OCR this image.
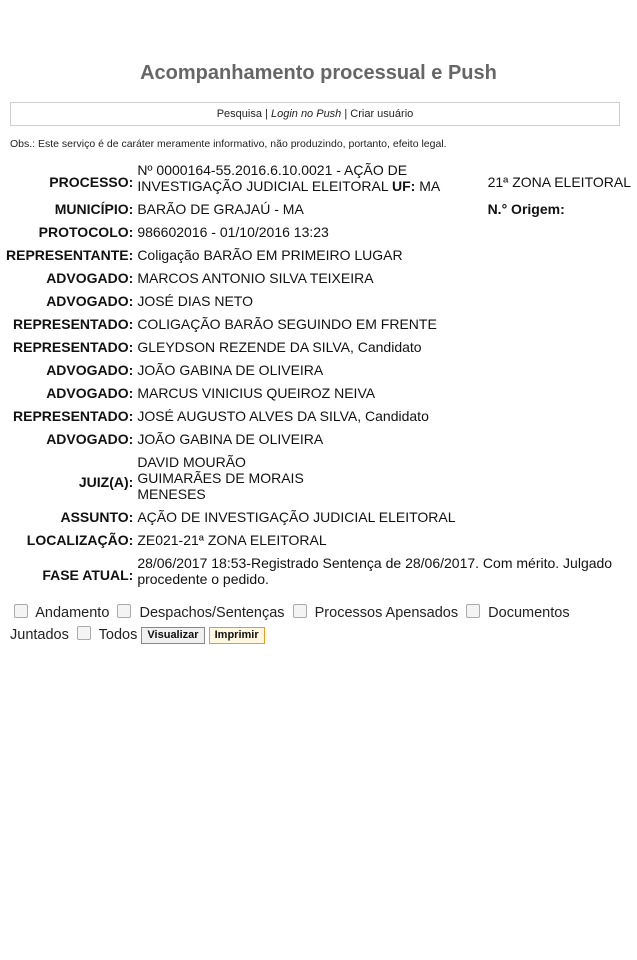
Acompanhamento processual e Push
Pesquisa | Login no Push | Criar usuário
Obs.: Este serviço é de caráter meramente informativo, não produzindo, portanto, efeito legal.
PROCESSO:	Nº 0000164-55.2016.6.10.0021 - AÇÃO DE INVESTIGAÇÃO JUDICIAL ELEITORAL UF: MA	21ª ZONA ELEITORAL
MUNICÍPIO:	BARÃO DE GRAJAÚ - MA	N.° Origem:
PROTOCOLO:	986602016 - 01/10/2016 13:23	
REPRESENTANTE:	Coligação BARÃO EM PRIMEIRO LUGAR	
ADVOGADO:	MARCOS ANTONIO SILVA TEIXEIRA	
ADVOGADO:	JOSÉ DIAS NETO	
REPRESENTADO:	COLIGAÇÃO BARÃO SEGUINDO EM FRENTE	
REPRESENTADO:	GLEYDSON REZENDE DA SILVA, Candidato	
ADVOGADO:	JOÃO GABINA DE OLIVEIRA	
ADVOGADO:	MARCUS VINICIUS QUEIROZ NEIVA	
REPRESENTADO:	JOSÉ AUGUSTO ALVES DA SILVA, Candidato	
ADVOGADO:	JOÃO GABINA DE OLIVEIRA	
JUIZ(A):	DAVID MOURÃO GUIMARÃES DE MORAIS MENESES	
ASSUNTO:	AÇÃO DE INVESTIGAÇÃO JUDICIAL ELEITORAL	
LOCALIZAÇÃO:	ZE021-21ª ZONA ELEITORAL	
FASE ATUAL:	28/06/2017 18:53-Registrado Sentença de 28/06/2017. Com mérito. Julgado procedente o pedido.	
Andamento Despachos/Sentenças Processos Apensados Documentos Juntados Todos Visualizar Imprimir
